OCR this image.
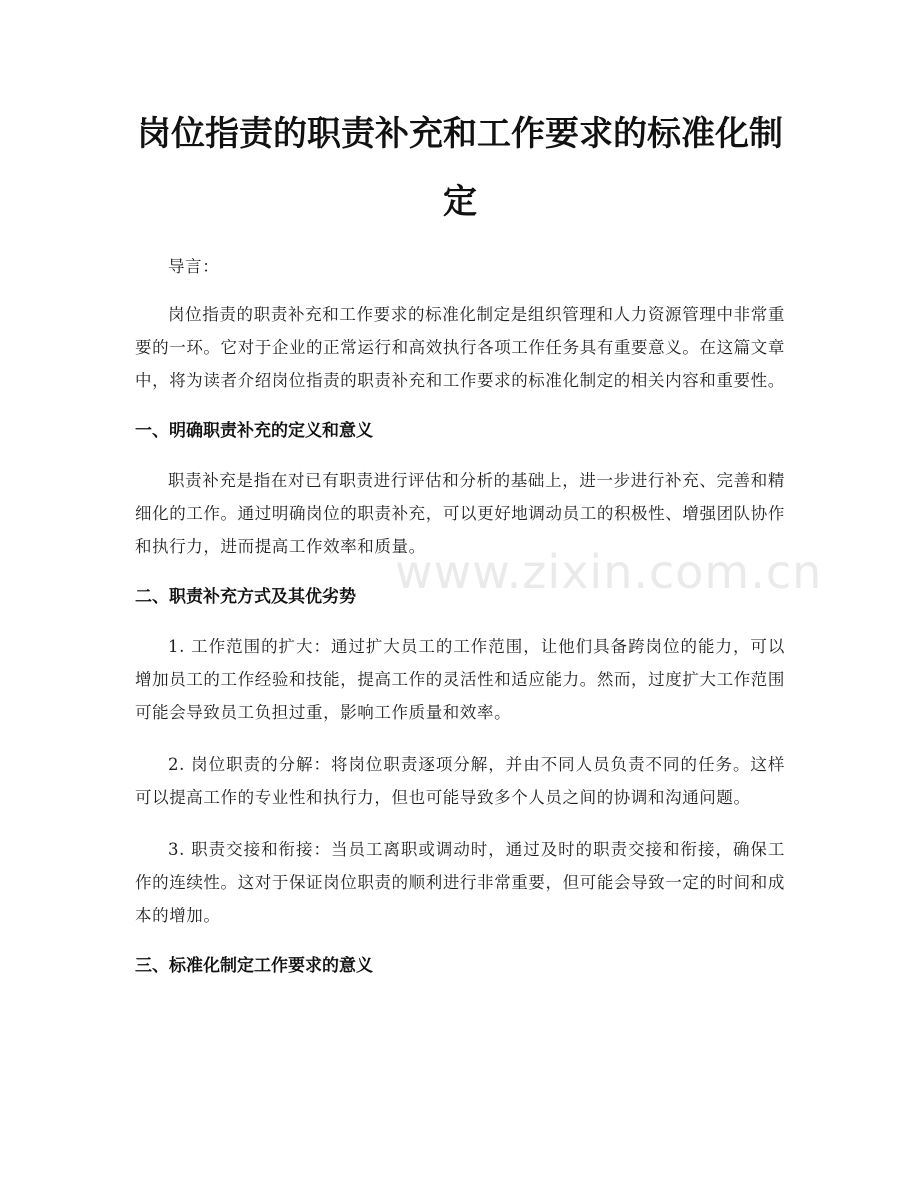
岗位指责的职责补充和工作要求的标准化制定

导言：

岗位指责的职责补充和工作要求的标准化制定是组织管理和人力资源管理中非常重要的一环。它对于企业的正常运行和高效执行各项工作任务具有重要意义。在这篇文章中，将为读者介绍岗位指责的职责补充和工作要求的标准化制定的相关内容和重要性。

一、明确职责补充的定义和意义

职责补充是指在对已有职责进行评估和分析的基础上，进一步进行补充、完善和精细化的工作。通过明确岗位的职责补充，可以更好地调动员工的积极性、增强团队协作和执行力，进而提高工作效率和质量。

二、职责补充方式及其优劣势

1. 工作范围的扩大：通过扩大员工的工作范围，让他们具备跨岗位的能力，可以增加员工的工作经验和技能，提高工作的灵活性和适应能力。然而，过度扩大工作范围可能会导致员工负担过重，影响工作质量和效率。

2. 岗位职责的分解：将岗位职责逐项分解，并由不同人员负责不同的任务。这样可以提高工作的专业性和执行力，但也可能导致多个人员之间的协调和沟通问题。

3. 职责交接和衔接：当员工离职或调动时，通过及时的职责交接和衔接，确保工作的连续性。这对于保证岗位职责的顺利进行非常重要，但可能会导致一定的时间和成本的增加。

三、标准化制定工作要求的意义
www.zixin.com.cn
